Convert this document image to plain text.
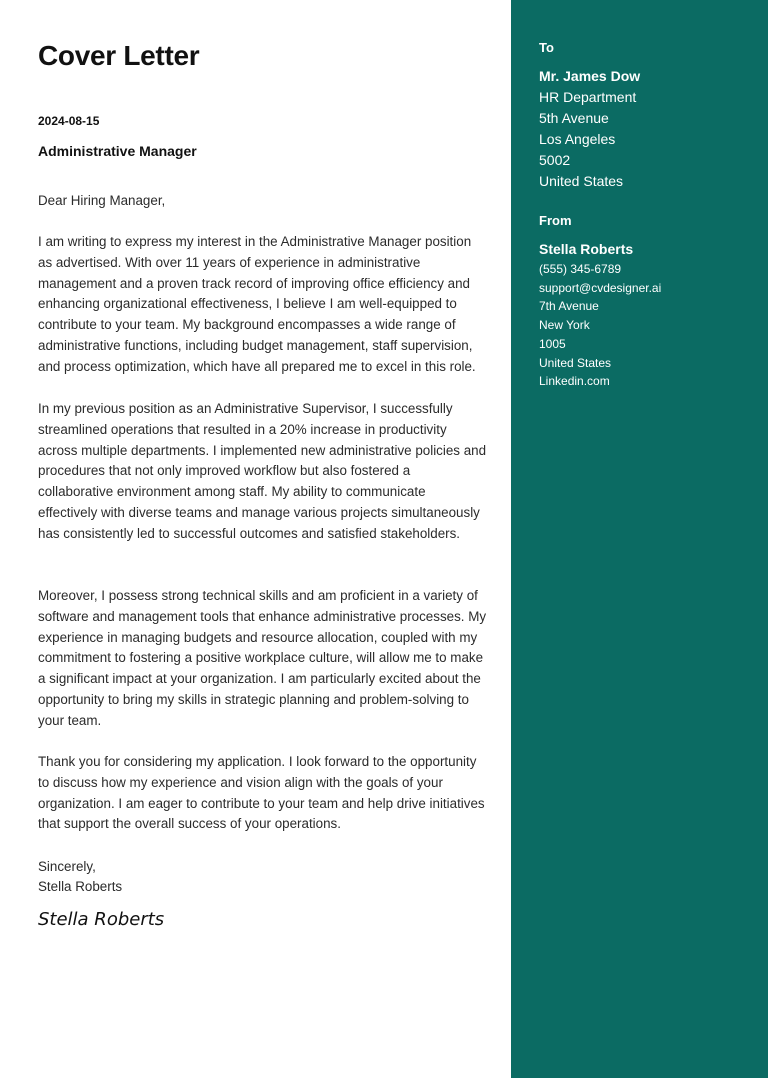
Cover Letter
2024-08-15
Administrative Manager

Dear Hiring Manager,

I am writing to express my interest in the Administrative Manager position as advertised. With over 11 years of experience in administrative management and a proven track record of improving office efficiency and enhancing organizational effectiveness, I believe I am well-equipped to contribute to your team. My background encompasses a wide range of administrative functions, including budget management, staff supervision, and process optimization, which have all prepared me to excel in this role.

In my previous position as an Administrative Supervisor, I successfully streamlined operations that resulted in a 20% increase in productivity across multiple departments. I implemented new administrative policies and procedures that not only improved workflow but also fostered a collaborative environment among staff. My ability to communicate effectively with diverse teams and manage various projects simultaneously has consistently led to successful outcomes and satisfied stakeholders.

Moreover, I possess strong technical skills and am proficient in a variety of software and management tools that enhance administrative processes. My experience in managing budgets and resource allocation, coupled with my commitment to fostering a positive workplace culture, will allow me to make a significant impact at your organization. I am particularly excited about the opportunity to bring my skills in strategic planning and problem-solving to your team.

Thank you for considering my application. I look forward to the opportunity to discuss how my experience and vision align with the goals of your organization. I am eager to contribute to your team and help drive initiatives that support the overall success of your operations.

Sincerely,
Stella Roberts
Stella Roberts
To
Mr. James Dow
HR Department
5th Avenue
Los Angeles
5002
United States
From
Stella Roberts
(555) 345-6789
support@cvdesigner.ai
7th Avenue
New York
1005
United States
Linkedin.com
